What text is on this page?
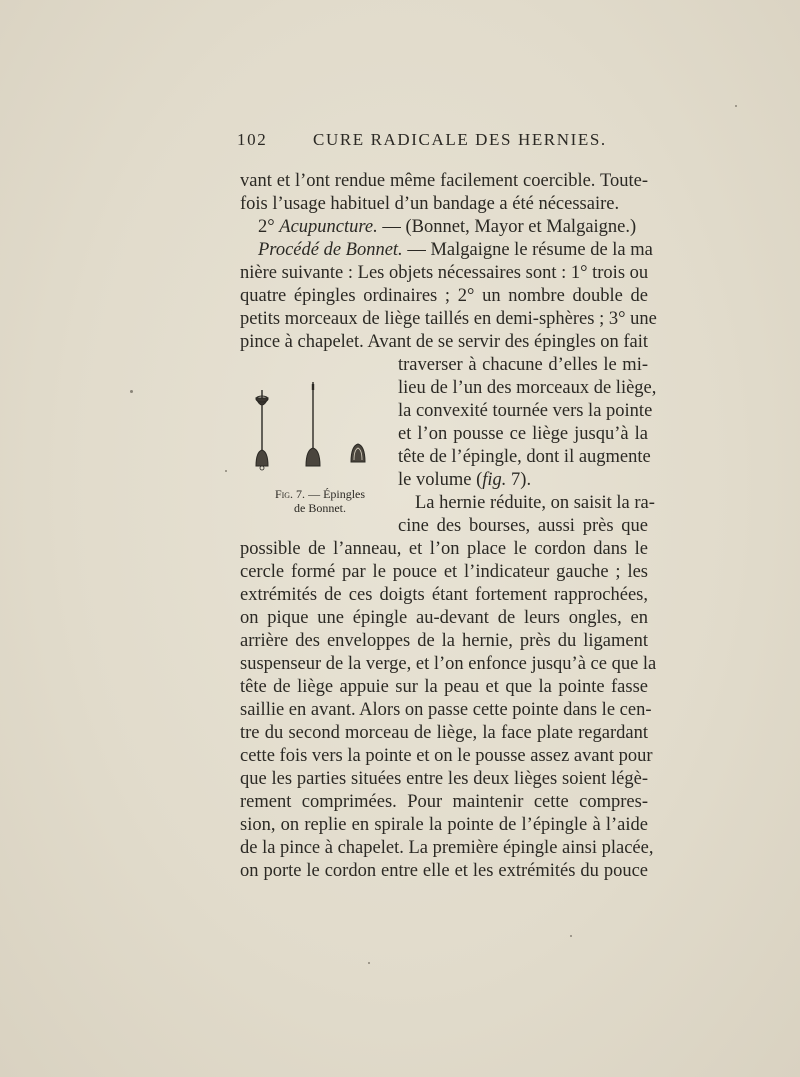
102	CURE RADICALE DES HERNIES.
vant et l’ont rendue même facilement coercible. Toute-
fois l’usage habituel d’un bandage a été nécessaire.
2° Acupuncture. — (Bonnet, Mayor et Malgaigne.)
Procédé de Bonnet. — Malgaigne le résume de la ma
nière suivante : Les objets nécessaires sont : 1° trois ou
quatre épingles ordinaires ; 2° un nombre double de
petits morceaux de liège taillés en demi-sphères ; 3° une
pince à chapelet. Avant de se servir des épingles on fait
traverser à chacune d’elles le mi-
lieu de l’un des morceaux de liège,
la convexité tournée vers la pointe
et l’on pousse ce liège jusqu’à la
tête de l’épingle, dont il augmente
le volume (fig. 7).
La hernie réduite, on saisit la ra-
cine des bourses, aussi près que
possible de l’anneau, et l’on place le cordon dans le
cercle formé par le pouce et l’indicateur gauche ; les
extrémités de ces doigts étant fortement rapprochées,
on pique une épingle au-devant de leurs ongles, en
arrière des enveloppes de la hernie, près du ligament
suspenseur de la verge, et l’on enfonce jusqu’à ce que la
tête de liège appuie sur la peau et que la pointe fasse
saillie en avant. Alors on passe cette pointe dans le cen-
tre du second morceau de liège, la face plate regardant
cette fois vers la pointe et on le pousse assez avant pour
que les parties situées entre les deux lièges soient légè-
rement comprimées. Pour maintenir cette compres-
sion, on replie en spirale la pointe de l’épingle à l’aide
de la pince à chapelet. La première épingle ainsi placée,
on porte le cordon entre elle et les extrémités du pouce
Fig. 7. — Épingles
de Bonnet.
